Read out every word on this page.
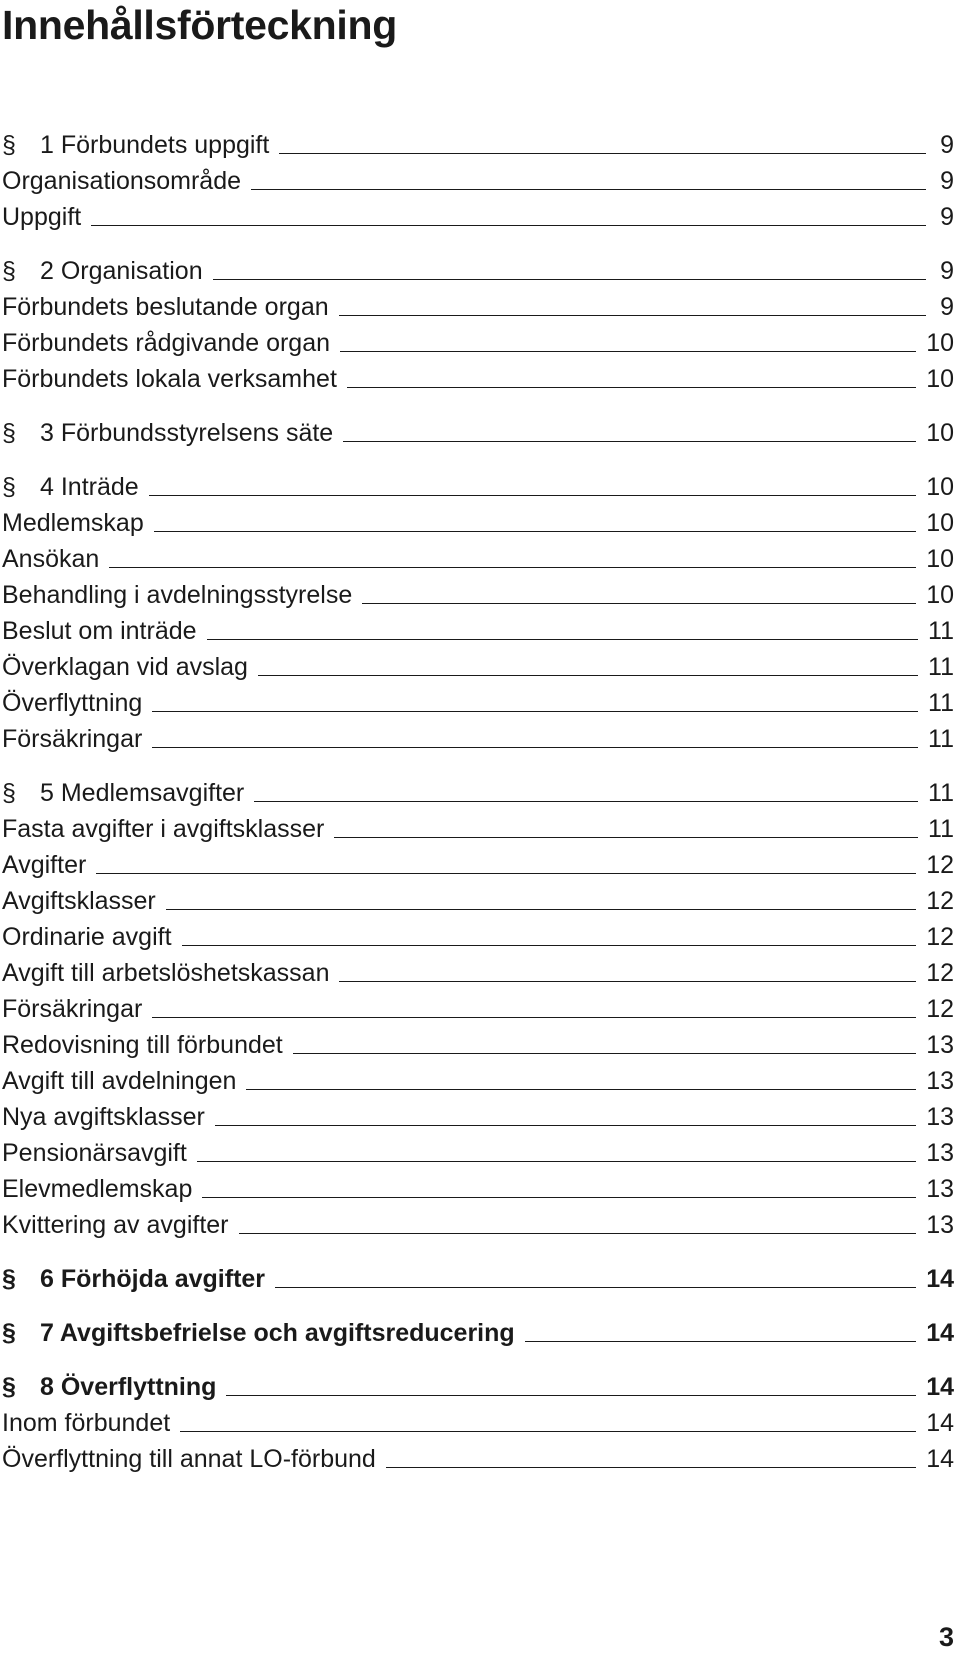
Innehållsförteckning
§ 1 Förbundets uppgift	9
Organisationsområde	9
Uppgift	9
§ 2 Organisation	9
Förbundets beslutande organ	9
Förbundets rådgivande organ	10
Förbundets lokala verksamhet	10
§ 3 Förbundsstyrelsens säte	10
§ 4 Inträde	10
Medlemskap	10
Ansökan	10
Behandling i avdelningsstyrelse	10
Beslut om inträde	11
Överklagan vid avslag	11
Överflyttning	11
Försäkringar	11
§ 5 Medlemsavgifter	11
Fasta avgifter i avgiftsklasser	11
Avgifter	12
Avgiftsklasser	12
Ordinarie avgift	12
Avgift till arbetslöshetskassan	12
Försäkringar	12
Redovisning till förbundet	13
Avgift till avdelningen	13
Nya avgiftsklasser	13
Pensionärsavgift	13
Elevmedlemskap	13
Kvittering av avgifter	13
§ 6 Förhöjda avgifter	14
§ 7 Avgiftsbefrielse och avgiftsreducering	14
§ 8 Överflyttning	14
Inom förbundet	14
Överflyttning till annat LO-förbund	14
3
